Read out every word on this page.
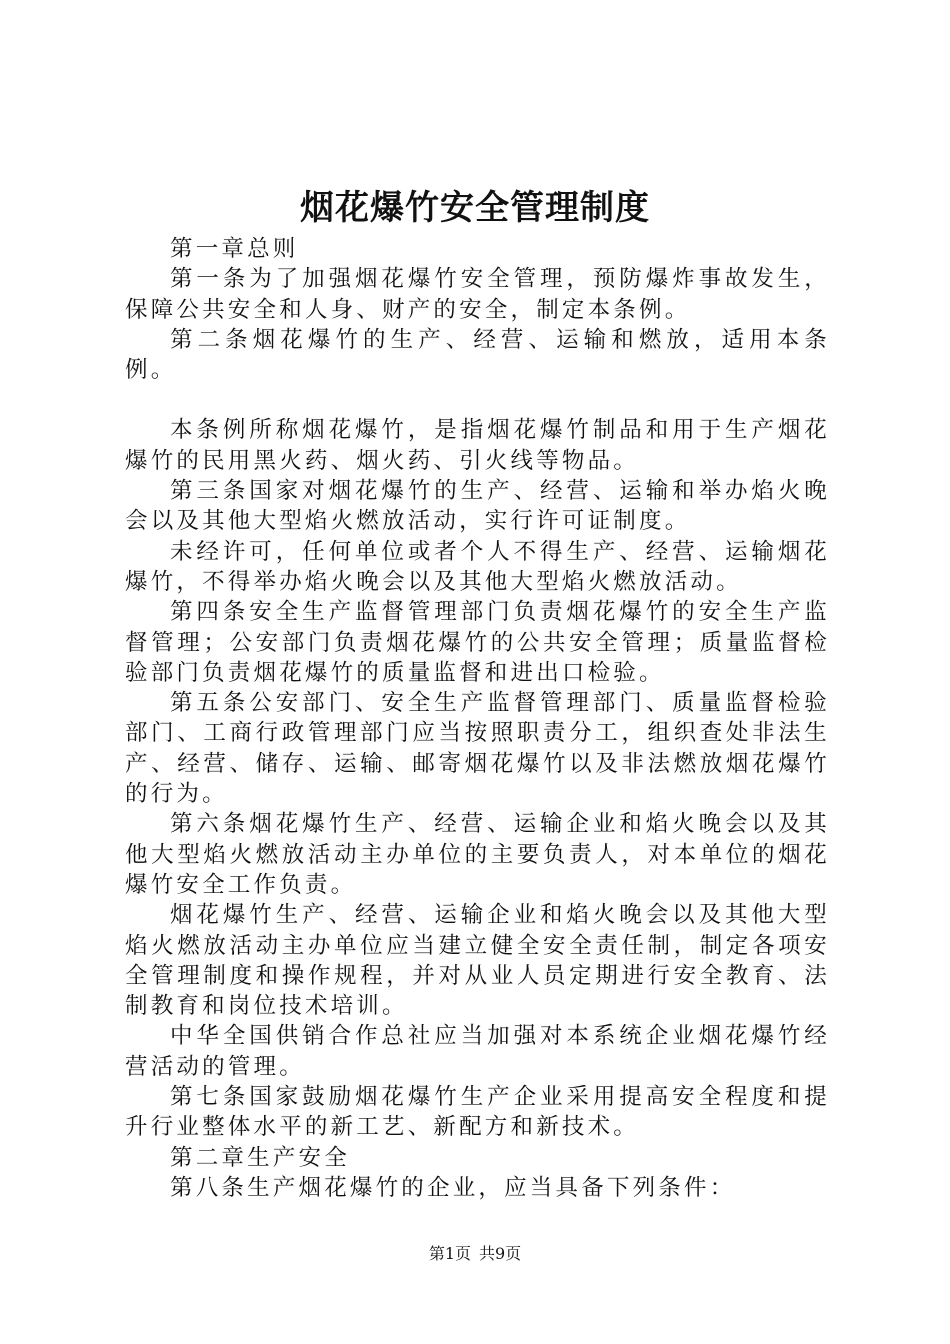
烟花爆竹安全管理制度

第一章总则

第一条为了加强烟花爆竹安全管理，预防爆炸事故发生，保障公共安全和人身、财产的安全，制定本条例。

第二条烟花爆竹的生产、经营、运输和燃放，适用本条例。

本条例所称烟花爆竹，是指烟花爆竹制品和用于生产烟花爆竹的民用黑火药、烟火药、引火线等物品。

第三条国家对烟花爆竹的生产、经营、运输和举办焰火晚会以及其他大型焰火燃放活动，实行许可证制度。

未经许可，任何单位或者个人不得生产、经营、运输烟花爆竹，不得举办焰火晚会以及其他大型焰火燃放活动。

第四条安全生产监督管理部门负责烟花爆竹的安全生产监督管理；公安部门负责烟花爆竹的公共安全管理；质量监督检验部门负责烟花爆竹的质量监督和进出口检验。

第五条公安部门、安全生产监督管理部门、质量监督检验部门、工商行政管理部门应当按照职责分工，组织查处非法生产、经营、储存、运输、邮寄烟花爆竹以及非法燃放烟花爆竹的行为。

第六条烟花爆竹生产、经营、运输企业和焰火晚会以及其他大型焰火燃放活动主办单位的主要负责人，对本单位的烟花爆竹安全工作负责。

烟花爆竹生产、经营、运输企业和焰火晚会以及其他大型焰火燃放活动主办单位应当建立健全安全责任制，制定各项安全管理制度和操作规程，并对从业人员定期进行安全教育、法制教育和岗位技术培训。

中华全国供销合作总社应当加强对本系统企业烟花爆竹经营活动的管理。

第七条国家鼓励烟花爆竹生产企业采用提高安全程度和提升行业整体水平的新工艺、新配方和新技术。

第二章生产安全

第八条生产烟花爆竹的企业，应当具备下列条件：

第1页 共9页
